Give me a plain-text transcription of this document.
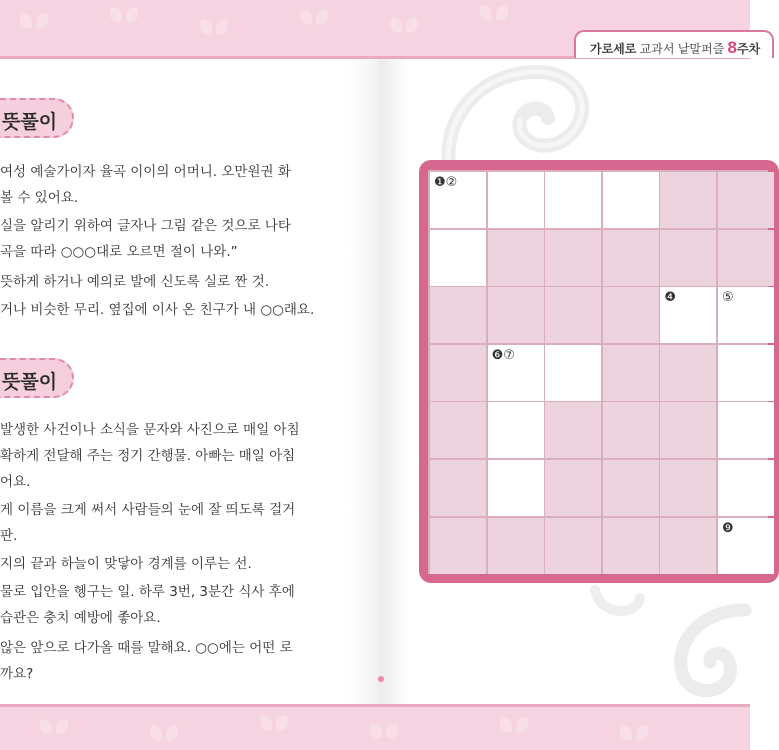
가로세로 교과서 낱말퍼즐 8주차
뜻풀이
여성 예술가이자 율곡 이이의 어머니. 오만원권 화
볼 수 있어요.
실을 알리기 위하여 글자나 그림 같은 것으로 나타
곡을 따라 ○○○대로 오르면 절이 나와.”
뜻하게 하거나 예의로 발에 신도록 실로 짠 것.
거나 비슷한 무리. 옆집에 이사 온 친구가 내 ○○래요.
뜻풀이
발생한 사건이나 소식을 문자와 사진으로 매일 아침
확하게 전달해 주는 정기 간행물. 아빠는 매일 아침
어요.
게 이름을 크게 써서 사람들의 눈에 잘 띄도록 걸거
판.
지의 끝과 하늘이 맞닿아 경계를 이루는 선.
물로 입안을 헹구는 일. 하루 3번, 3분간 식사 후에
습관은 충치 예방에 좋아요.
않은 앞으로 다가올 때를 말해요. ○○에는 어떤 로
까요?
❶②
❹	⑤
❻⑦
❾
